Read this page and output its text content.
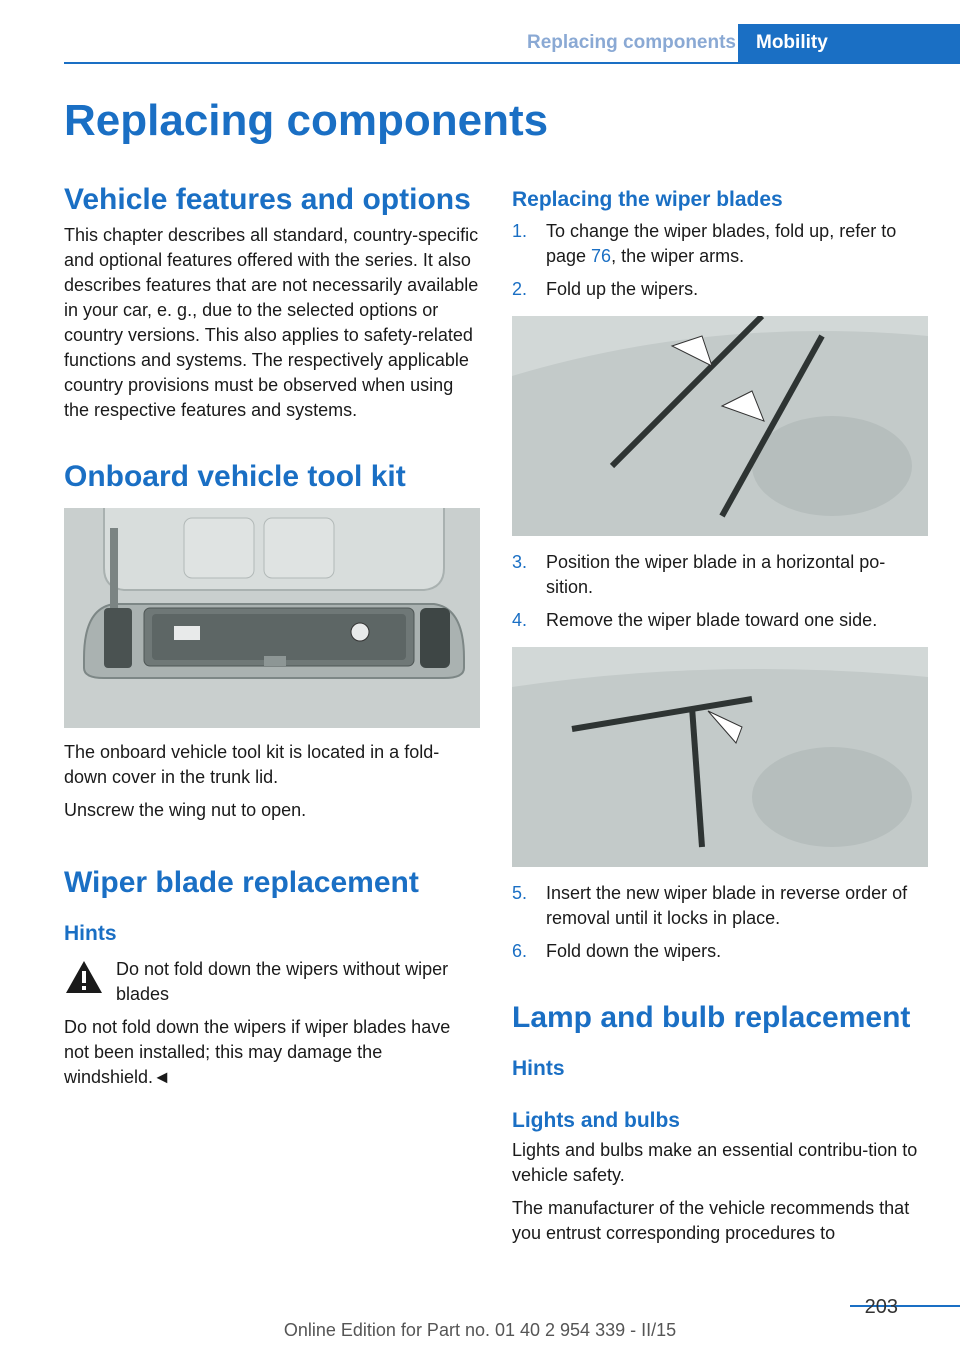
Replacing components	Mobility
Replacing components
Vehicle features and options

This chapter describes all standard, country-specific and optional features offered with the series. It also describes features that are not necessarily available in your car, e. g., due to the selected options or country versions. This also applies to safety-related functions and systems. The respectively applicable country provisions must be observed when using the respective features and systems.

Onboard vehicle tool kit

The onboard vehicle tool kit is located in a fold-down cover in the trunk lid.

Unscrew the wing nut to open.

Wiper blade replacement
Hints
Do not fold down the wipers without wiper blades

Do not fold down the wipers if wiper blades have not been installed; this may damage the windshield.◄

Replacing the wiper blades
1. To change the wiper blades, fold up, refer to page 76, the wiper arms.
2. Fold up the wipers.
3. Position the wiper blade in a horizontal po‐sition.
4. Remove the wiper blade toward one side.
5. Insert the new wiper blade in reverse order of removal until it locks in place.
6. Fold down the wipers.
Lamp and bulb replacement
Hints
Lights and bulbs

Lights and bulbs make an essential contribu‐tion to vehicle safety.

The manufacturer of the vehicle recommends that you entrust corresponding procedures to

203
Online Edition for Part no. 01 40 2 954 339 - II/15
